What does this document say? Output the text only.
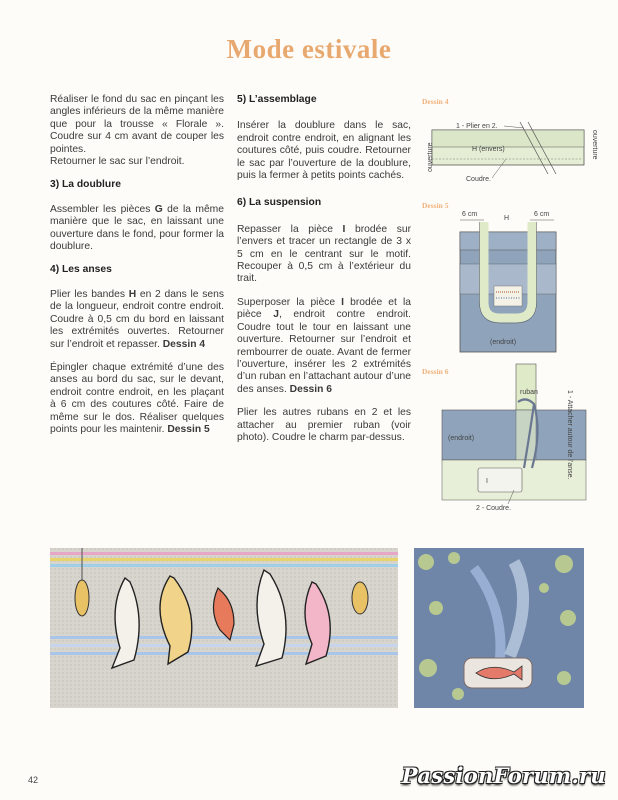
Mode estivale

Réaliser le fond du sac en pinçant les angles inférieurs de la même manière que pour la trousse « Florale ». Coudre sur 4 cm avant de couper les pointes.

Retourner le sac sur l’endroit.

3) La doublure

Assembler les pièces G de la même manière que le sac, en laissant une ouverture dans le fond, pour former la doublure.

4) Les anses

Plier les bandes H en 2 dans le sens de la longueur, endroit contre endroit. Coudre à 0,5 cm du bord en laissant les extrémités ouvertes. Retourner sur l’endroit et repasser. Dessin 4

Épingler chaque extrémité d’une des anses au bord du sac, sur le devant, endroit contre endroit, en les plaçant à 6 cm des coutures côté. Faire de même sur le dos. Réaliser quelques points pour les maintenir. Dessin 5

5) L’assemblage

Insérer la doublure dans le sac, endroit contre endroit, en alignant les coutures côté, puis coudre. Retourner le sac par l’ouverture de la doublure, puis la fermer à petits points cachés.

6) La suspension

Repasser la pièce I brodée sur l’envers et tracer un rectangle de 3 x 5 cm en le centrant sur le motif. Recouper à 0,5 cm à l’extérieur du trait.

Superposer la pièce I brodée et la pièce J, endroit contre endroit. Coudre tout le tour en laissant une ouverture. Retourner sur l’endroit et rembourrer de ouate. Avant de fermer l’ouverture, insérer les 2 extrémités d’un ruban en l’attachant autour d’une des anses. Dessin 6

Plier les autres rubans en 2 et les attacher au premier ruban (voir photo). Coudre le charm par-dessus.

Dessin 4
1 - Plier en 2.
H (envers)
Coudre.
ouverture	ouverture
Dessin 5
6 cm	6 cm
H
(endroit)
Dessin 6
I
ruban
(endroit)	1 - Attacher autour de l’anse.
2 - Coudre.
42	PassionForum.ru
